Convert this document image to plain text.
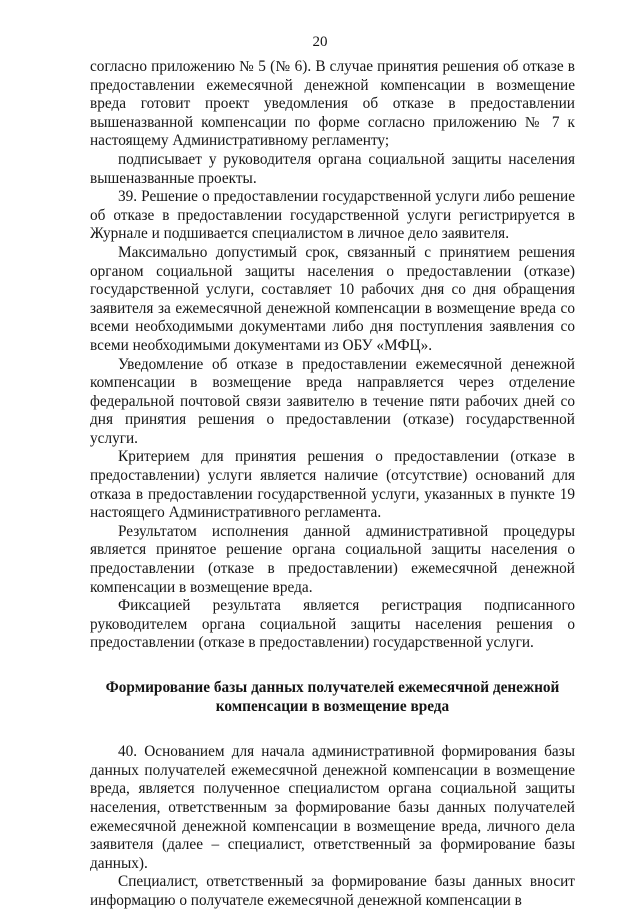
20

согласно приложению № 5 (№ 6). В случае принятия решения об отказе в предоставлении ежемесячной денежной компенсации в возмещение вреда готовит проект уведомления об отказе в предоставлении вышеназванной компенсации по форме согласно приложению № 7 к настоящему Административному регламенту;

подписывает у руководителя органа социальной защиты населения вышеназванные проекты.

39. Решение о предоставлении государственной услуги либо решение об отказе в предоставлении государственной услуги регистрируется в Журнале и подшивается специалистом в личное дело заявителя.

Максимально допустимый срок, связанный с принятием решения органом социальной защиты населения о предоставлении (отказе) государственной услуги, составляет 10 рабочих дня со дня обращения заявителя за ежемесячной денежной компенсации в возмещение вреда со всеми необходимыми документами либо дня поступления заявления со всеми необходимыми документами из ОБУ «МФЦ».

Уведомление об отказе в предоставлении ежемесячной денежной компенсации в возмещение вреда направляется через отделение федеральной почтовой связи заявителю в течение пяти рабочих дней со дня принятия решения о предоставлении (отказе) государственной услуги.

Критерием для принятия решения о предоставлении (отказе в предоставлении) услуги является наличие (отсутствие) оснований для отказа в предоставлении государственной услуги, указанных в пункте 19 настоящего Административного регламента.

Результатом исполнения данной административной процедуры является принятое решение органа социальной защиты населения о предоставлении (отказе в предоставлении) ежемесячной денежной компенсации в возмещение вреда.

Фиксацией результата является регистрация подписанного руководителем органа социальной защиты населения решения о предоставлении (отказе в предоставлении) государственной услуги.

Формирование базы данных получателей ежемесячной денежной компенсации в возмещение вреда

40. Основанием для начала административной формирования базы данных получателей ежемесячной денежной компенсации в возмещение вреда, является полученное специалистом органа социальной защиты населения, ответственным за формирование базы данных получателей ежемесячной денежной компенсации в возмещение вреда, личного дела заявителя (далее – специалист, ответственный за формирование базы данных).

Специалист, ответственный за формирование базы данных вносит информацию о получателе ежемесячной денежной компенсации в
